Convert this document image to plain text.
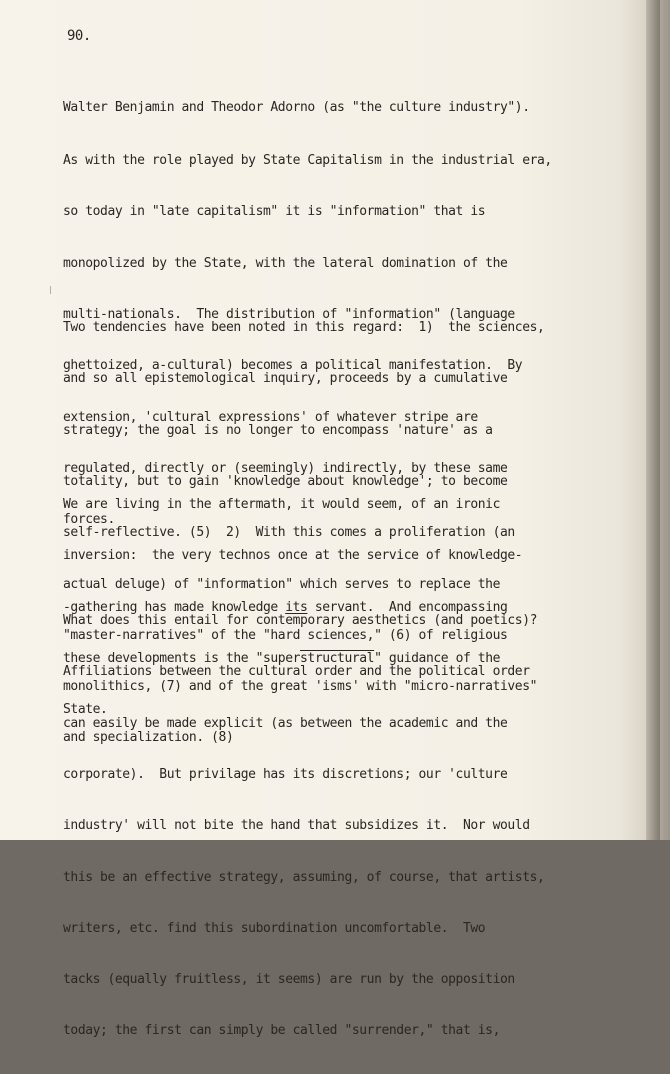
90.

Walter Benjamin and Theodor Adorno (as "the culture industry").

As with the role played by State Capitalism in the industrial era,

so today in "late capitalism" it is "information" that is

monopolized by the State, with the lateral domination of the

multi-nationals.  The distribution of "information" (language

ghettoized, a-cultural) becomes a political manifestation.  By

extension, 'cultural expressions' of whatever stripe are

regulated, directly or (seemingly) indirectly, by these same

forces.

Two tendencies have been noted in this regard:  1)  the sciences,

and so all epistemological inquiry, proceeds by a cumulative

strategy; the goal is no longer to encompass 'nature' as a

totality, but to gain 'knowledge about knowledge'; to become

self-reflective. (5)  2)  With this comes a proliferation (an

actual deluge) of "information" which serves to replace the

"master-narratives" of the "hard sciences," (6) of religious

monolithics, (7) and of the great 'isms' with "micro-narratives"

and specialization. (8)

We are living in the aftermath, it would seem, of an ironic

inversion:  the very technos once at the service of knowledge-

-gathering has made knowledge its servant.  And encompassing

these developments is the "superstructural" guidance of the

State.

What does this entail for contemporary aesthetics (and poetics)?

Affiliations between the cultural order and the political order

can easily be made explicit (as between the academic and the

corporate).  But privilage has its discretions; our 'culture

industry' will not bite the hand that subsidizes it.  Nor would

this be an effective strategy, assuming, of course, that artists,

writers, etc. find this subordination uncomfortable.  Two

tacks (equally fruitless, it seems) are run by the opposition

today; the first can simply be called "surrender," that is,
